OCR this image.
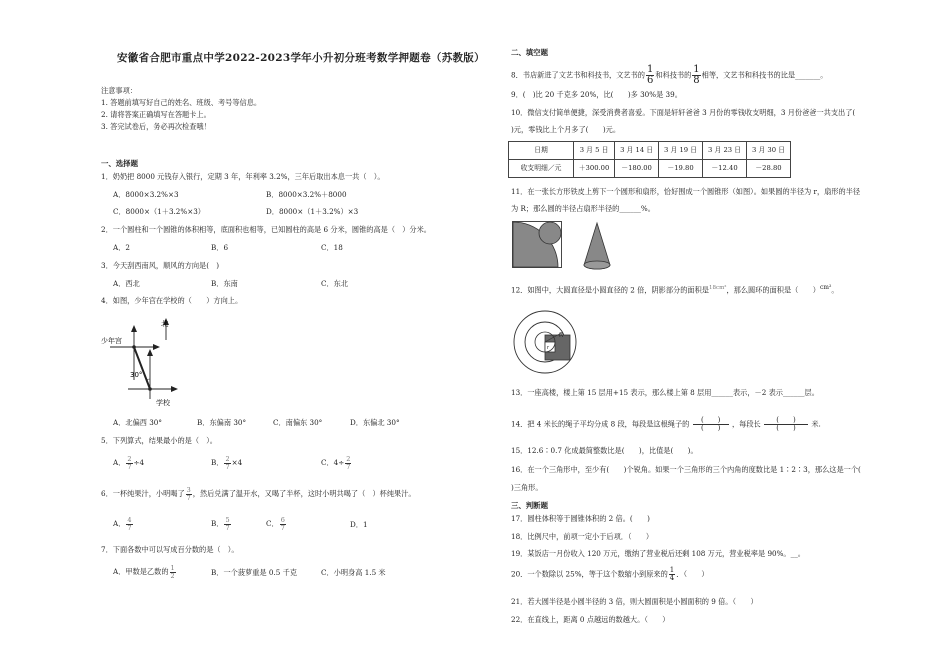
安徽省合肥市重点中学2022-2023学年小升初分班考数学押题卷（苏教版）
注意事项：
1. 答题前填写好自己的姓名、班级、考号等信息。
2. 请将答案正确填写在答题卡上。
3. 答完试卷后，务必再次检查哦！
一、选择题
1．奶奶把 8000 元钱存入银行，定期 3 年，年利率 3.2%，三年后取出本息一共（　）。
A．8000×3.2%×3	B．8000×3.2%＋8000
C．8000×（1＋3.2%×3）	D．8000×（1＋3.2%）×3
2．一个圆柱和一个圆锥的体积相等，底面积也相等，已知圆柱的高是 6 分米，圆锥的高是（　）分米。
A．2	B．6	C．18
3．今天刮西南风，顺风的方向是(　)
A．西北	B．东南	C．东北
4．如图，少年宫在学校的（　　）方向上。
北
少年宫
30°
学校
A．北偏西 30°	B．东偏南 30°	C．南偏东 30°	D．东偏北 30°
5．下列算式，结果最小的是（　）。
A． $\frac{2}{7} \div 4$	B． $\frac{2}{7} \times 4$	C．$4\div \frac{2}{7}$
6．一杯纯果汁，小明喝了 $\frac{3}{7}$ ，然后兑满了温开水，又喝了半杯，这时小明共喝了（　）杯纯果汁。
A． $\frac{4}{7}$	B． $\frac{5}{7}$	C． $\frac{6}{7}$	D．1
7．下面各数中可以写成百分数的是（　）。
A．甲数是乙数的 $\frac{1}{2}$	B．一个菠萝重是 0.5 千克	C．小明身高 1.5 米
二、填空题
8．书店新进了文艺书和科技书，文艺书的 $\frac{1}{6}$ 和科技书的 $\frac{1}{8}$ 相等，文艺书和科技书的比是_______。
9．(　)比 20 千克多 20%，比(　　)多 30%是 39。
10．微信支付简单便捷，深受消费者喜爱。下面是轩轩爸爸 3 月份的零钱收支明细，3 月份爸爸一共支出了(　　
)元，零钱比上个月多了(　　)元。
日期	3 月 5 日	3 月 14 日	3 月 19 日	3 月 23 日	3 月 30 日
收支明细／元	＋300.00	－180.00	－19.80	－12.40	－28.80
11．在一张长方形铁皮上剪下一个圆形和扇形，恰好围成一个圆锥形（如图）。如果圆的半径为 r，扇形的半径
为 R；那么圆的半径占扇形半径的______%。
12．如图中，大圆直径是小圆直径的 2 倍，阴影部分的面积是$^{18cm^2}$，那么圆环的面积是（　　）$^{cm^2}$。
R
r
13．一座高楼，楼上第 15 层用+15 表示，那么楼上第 8 层用______表示，－2 表示______层。
14．把 4 米长的绳子平均分成 8 段，每段是这根绳子的 $\frac{( )}{( )}$ ，每段长 $\frac{( )}{( )}$ 米.
15．12.6∶0.7 化成最简整数比是(　　)，比值是(　　)。
16．在一个三角形中，至少有(　　)个锐角。如果一个三角形的三个内角的度数比是 1∶2∶3，那么这是一个(
)三角形。
三、判断题
17．圆柱体积等于圆锥体积的 2 倍。(　　)
18．比例尺中，前项一定小于后项．（　　）
19．某饭店一月份收入 120 万元，缴纳了营业税后还剩 108 万元，营业税率是 90%。__。
20．一个数除以 25%，等于这个数缩小到原来的 $\frac{1}{4}$ ．（　　）
21．若大圆半径是小圆半径的 3 倍，则大圆面积是小圆面积的 9 倍。（　　）
22．在直线上，距离 0 点越远的数越大。（　　）
